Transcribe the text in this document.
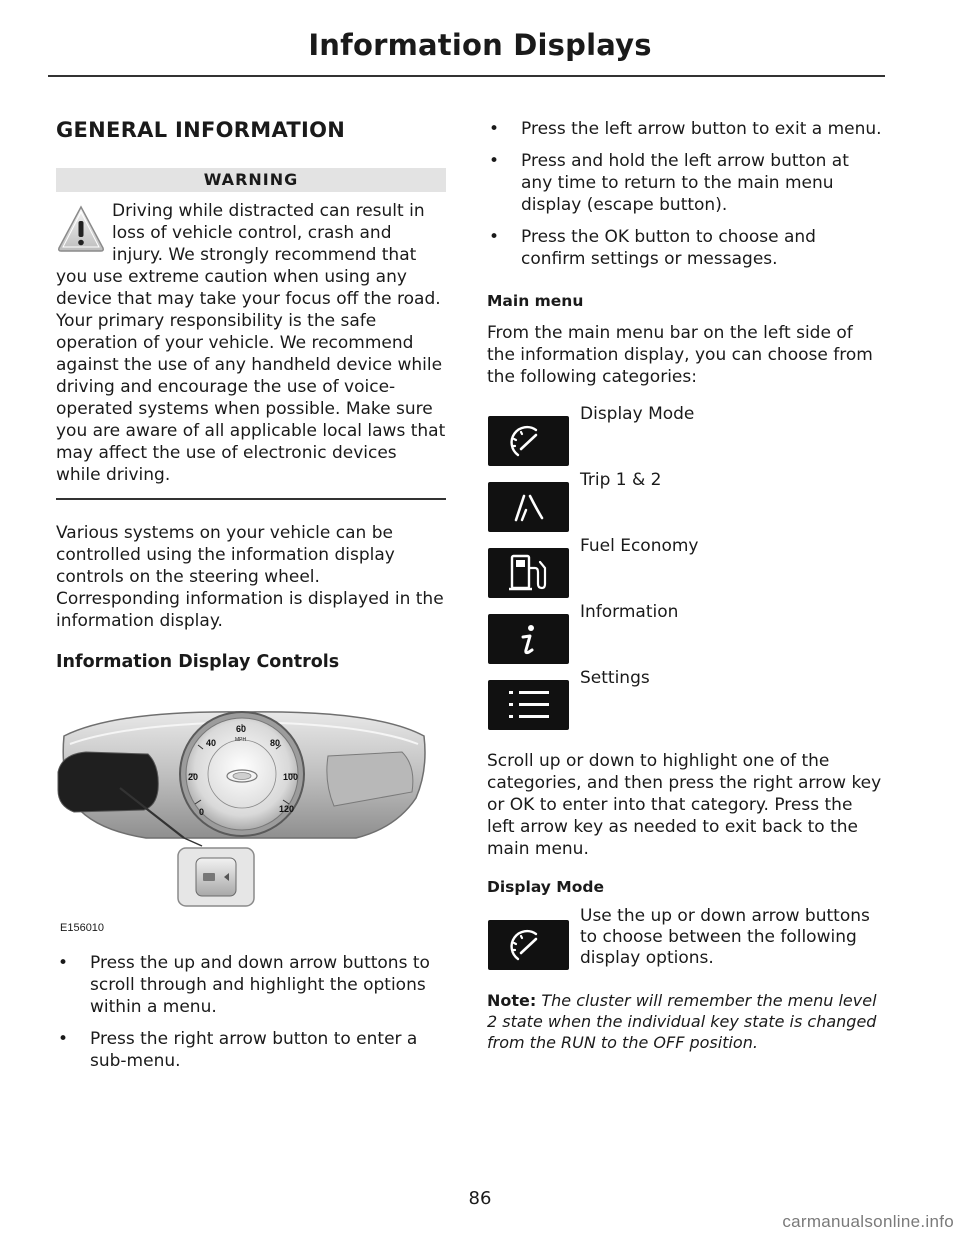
Information Displays
GENERAL INFORMATION
WARNING
Driving while distracted can result in loss of vehicle control, crash and injury. We strongly recommend that you use extreme caution when using any device that may take your focus off the road. Your primary responsibility is the safe operation of your vehicle. We recommend against the use of any handheld device while driving and encourage the use of voice-operated systems when possible. Make sure you are aware of all applicable local laws that may affect the use of electronic devices while driving.

Various systems on your vehicle can be controlled using the information display controls on the steering wheel. Corresponding information is displayed in the information display.

Information Display Controls
0
20
40
60
80
100
120
MPH
E156010
• Press the up and down arrow buttons to scroll through and highlight the options within a menu.
• Press the right arrow button to enter a sub-menu.
• Press the left arrow button to exit a menu.
• Press and hold the left arrow button at any time to return to the main menu display (escape button).
• Press the OK button to choose and confirm settings or messages.
Main menu

From the main menu bar on the left side of the information display, you can choose from the following categories:

Display Mode
Trip 1 & 2
Fuel Economy
Information
Settings

Scroll up or down to highlight one of the categories, and then press the right arrow key or OK to enter into that category. Press the left arrow key as needed to exit back to the main menu.

Display Mode
Use the up or down arrow buttons to choose between the following display options.

Note: The cluster will remember the menu level 2 state when the individual key state is changed from the RUN to the OFF position.

86
carmanualsonline.info
